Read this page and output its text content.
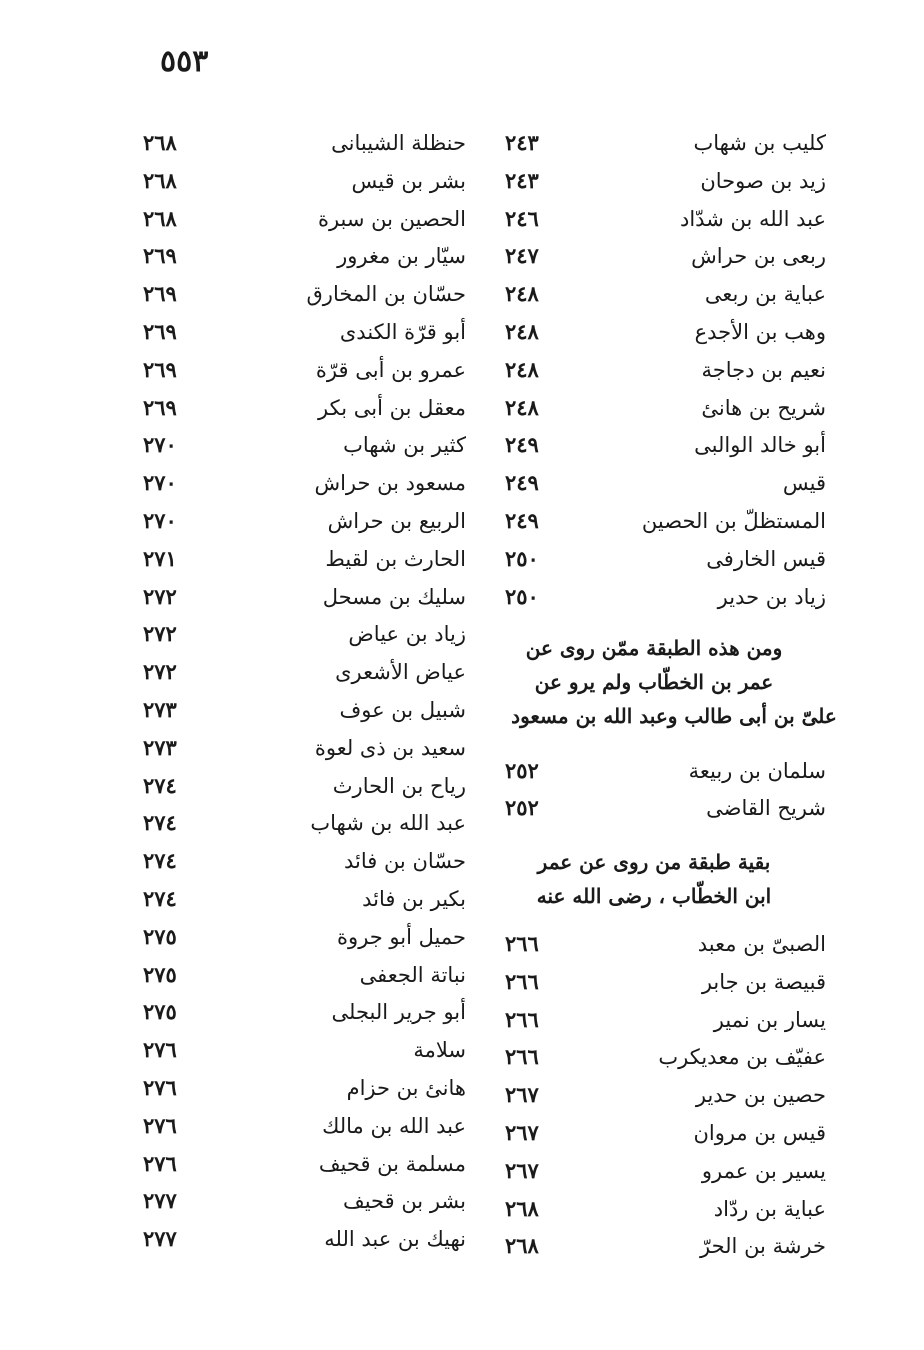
٥٥٣
كليب بن شهاب
٢٤٣
زيد بن صوحان
٢٤٣
عبد الله بن شدّاد
٢٤٦
ربعى بن حراش
٢٤٧
عباية بن ربعى
٢٤٨
وهب بن الأجدع
٢٤٨
نعيم بن دجاجة
٢٤٨
شريح بن هانئ
٢٤٨
أبو خالد الوالبى
٢٤٩
قيس
٢٤٩
المستظلّ بن الحصين
٢٤٩
قيس الخارفى
٢٥٠
زياد بن حدير
٢٥٠
سلمان بن ربيعة
٢٥٢
شريح القاضى
٢٥٢
الصبىّ بن معبد
٢٦٦
قبيصة بن جابر
٢٦٦
يسار بن نمير
٢٦٦
عفيّف بن معديكرب
٢٦٦
حصين بن حدير
٢٦٧
قيس بن مروان
٢٦٧
يسير بن عمرو
٢٦٧
عباية بن ردّاد
٢٦٨
خرشة بن الحرّ
٢٦٨
حنظلة الشيبانى
٢٦٨
بشر بن قيس
٢٦٨
الحصين بن سبرة
٢٦٨
سيّار بن مغرور
٢٦٩
حسّان بن المخارق
٢٦٩
أبو قرّة الكندى
٢٦٩
عمرو بن أبى قرّة
٢٦٩
معقل بن أبى بكر
٢٦٩
كثير بن شهاب
٢٧٠
مسعود بن حراش
٢٧٠
الربيع بن حراش
٢٧٠
الحارث بن لقيط
٢٧١
سليك بن مسحل
٢٧٢
زياد بن عياض
٢٧٢
عياض الأشعرى
٢٧٢
شبيل بن عوف
٢٧٣
سعيد بن ذى لعوة
٢٧٣
رياح بن الحارث
٢٧٤
عبد الله بن شهاب
٢٧٤
حسّان بن فائد
٢٧٤
بكير بن فائد
٢٧٤
حميل أبو جروة
٢٧٥
نباتة الجعفى
٢٧٥
أبو جرير البجلى
٢٧٥
سلامة
٢٧٦
هانئ بن حزام
٢٧٦
عبد الله بن مالك
٢٧٦
مسلمة بن قحيف
٢٧٦
بشر بن قحيف
٢٧٧
نهيك بن عبد الله
٢٧٧
ومن هذه الطبقة ممّن روى عن
عمر بن الخطّاب ولم يرو عن
علىّ بن أبى طالب وعبد الله بن مسعود
بقية طبقة من روى عن عمر
ابن الخطّاب ، رضى الله عنه
